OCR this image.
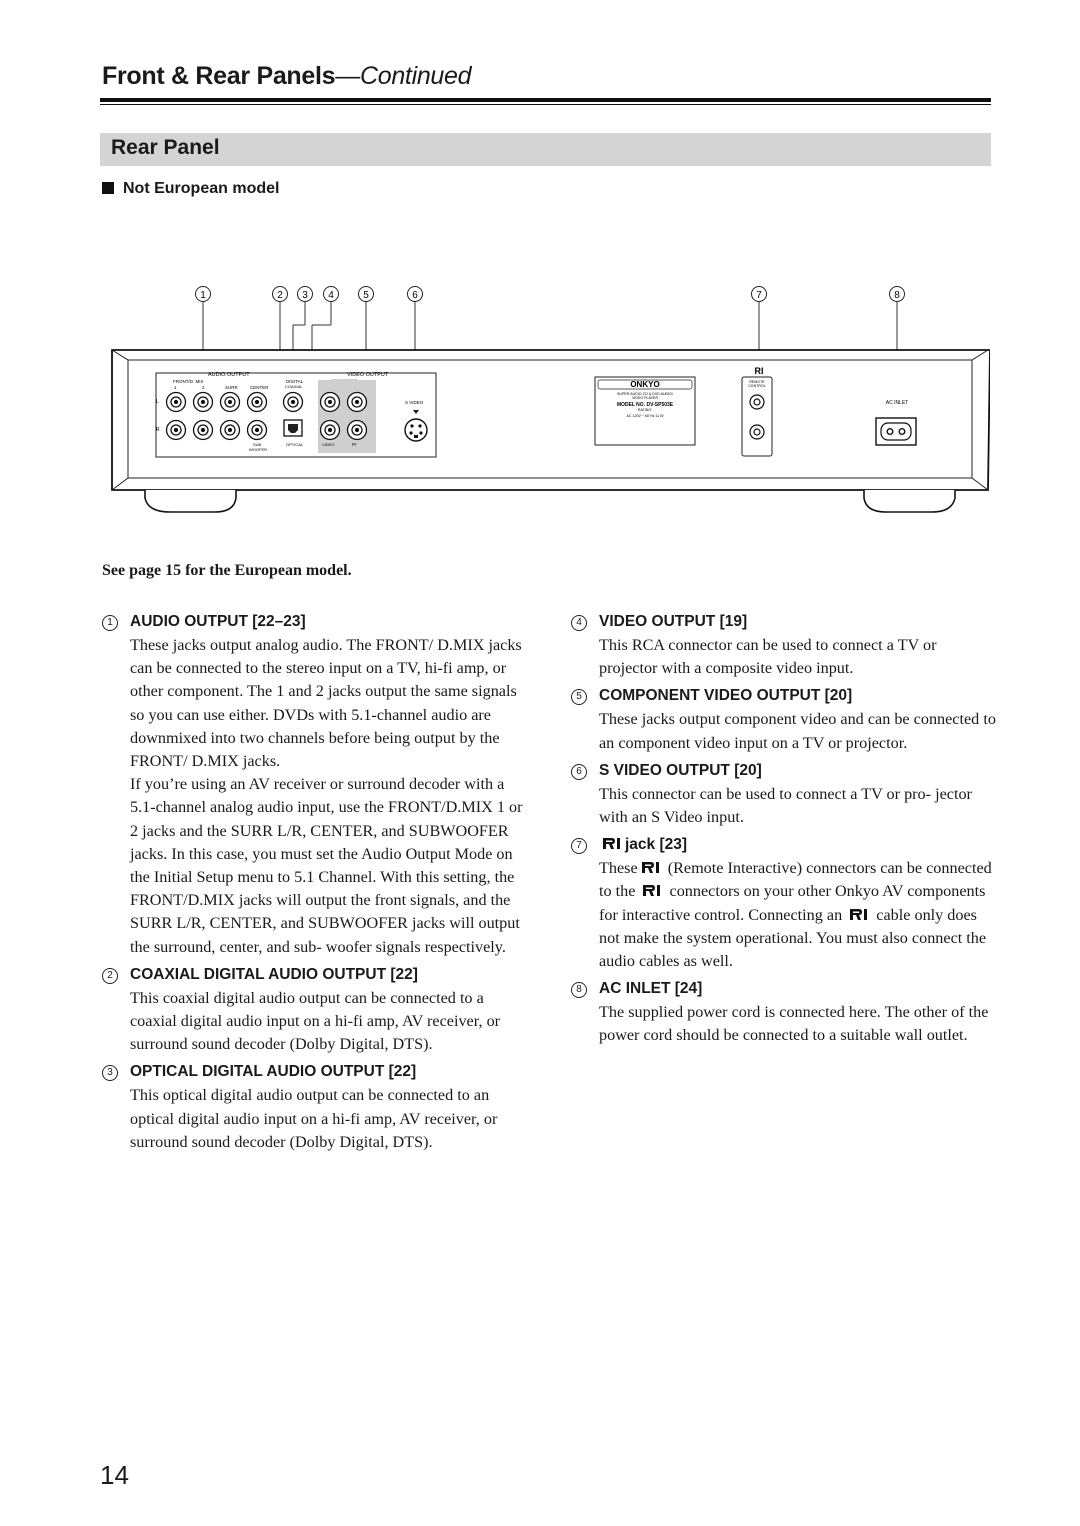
Front & Rear Panels—Continued
Rear Panel
Not European model
1	2 3 4	5	6	7	8
AUDIO OUTPUT	VIDEO OUTPUT
FRONT/D. MIX
1	2	SURR	CENTER
DIGITAL
COAXIAL
L
R
S VIDEO
SUB
WOOFER
OPTICAL	VIDEO	Pr
ONKYO
SUPER AUDIO CD & DVD AUDIO/
VIDEO PLAYER
MODEL NO. DV-SP503E
RATING:
AC 120V ~ 60 Hz 11 W
RI
REMOTE
CONTROL
AC INLET
See page 15 for the European model.
1 AUDIO OUTPUT [22–23]

These jacks output analog audio. The FRONT/ D.MIX jacks can be connected to the stereo input on a TV, hi-fi amp, or other component. The 1 and 2 jacks output the same signals so you can use either. DVDs with 5.1-channel audio are downmixed into two channels before being output by the FRONT/ D.MIX jacks.

If you’re using an AV receiver or surround decoder with a 5.1-channel analog audio input, use the FRONT/D.MIX 1 or 2 jacks and the SURR L/R, CENTER, and SUBWOOFER jacks. In this case, you must set the Audio Output Mode on the Initial Setup menu to 5.1 Channel. With this setting, the FRONT/D.MIX jacks will output the front signals, and the SURR L/R, CENTER, and SUBWOOFER jacks will output the surround, center, and sub- woofer signals respectively.

2 COAXIAL DIGITAL AUDIO OUTPUT [22]

This coaxial digital audio output can be connected to a coaxial digital audio input on a hi-fi amp, AV receiver, or surround sound decoder (Dolby Digital, DTS).

3 OPTICAL DIGITAL AUDIO OUTPUT [22]

This optical digital audio output can be connected to an optical digital audio input on a hi-fi amp, AV receiver, or surround sound decoder (Dolby Digital, DTS).

4 VIDEO OUTPUT [19]

This RCA connector can be used to connect a TV or projector with a composite video input.

5 COMPONENT VIDEO OUTPUT [20]

These jacks output component video and can be connected to an component video input on a TV or projector.

6 S VIDEO OUTPUT [20]

This connector can be used to connect a TV or pro- jector with an S Video input.

7	jack [23]

These (Remote Interactive) connectors can be connected to the  connectors on your other Onkyo AV components for interactive control. Connecting an  cable only does not make the system operational. You must also connect the audio cables as well.

8 AC INLET [24]

The supplied power cord is connected here. The other of the power cord should be connected to a suitable wall outlet.

14
